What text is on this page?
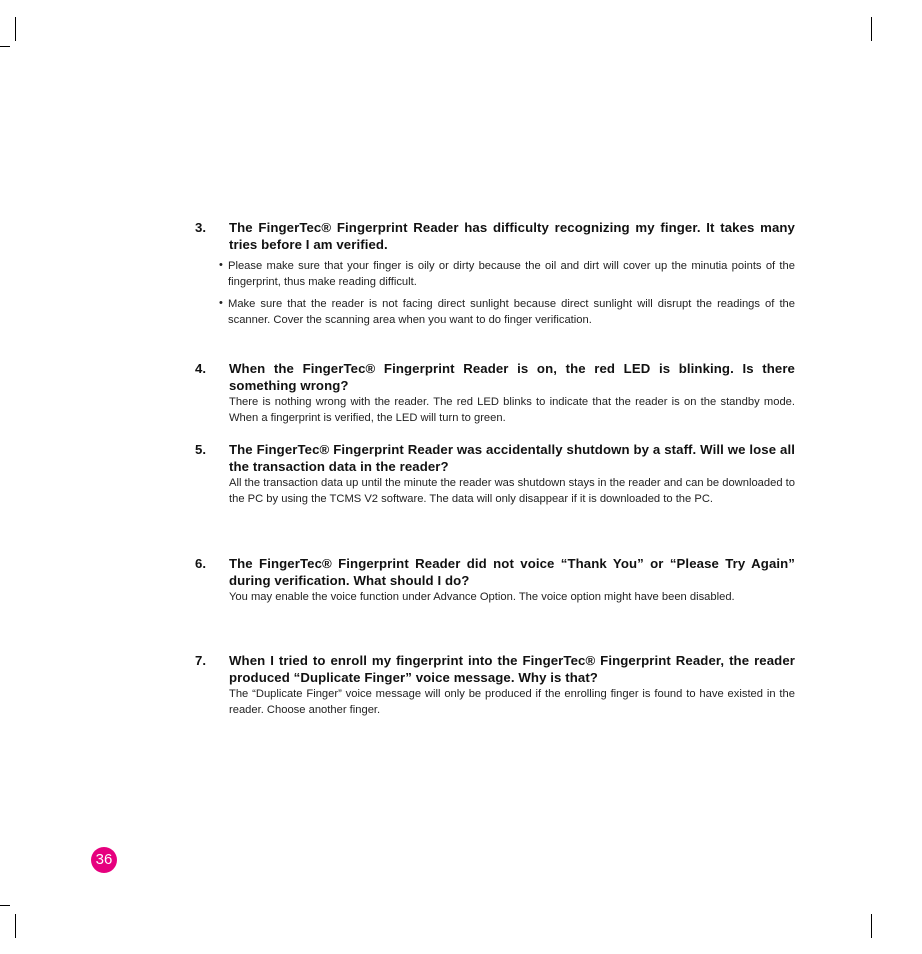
3.	The FingerTec® Fingerprint Reader has difficulty recognizing my finger. It takes many tries before I am verified.
• Please make sure that your finger is oily or dirty because the oil and dirt will cover up the minutia points of the fingerprint, thus make reading difficult.
• Make sure that the reader is not facing direct sunlight because direct sunlight will disrupt the readings of the scanner. Cover the scanning area when you want to do finger verification.
4.	When the FingerTec® Fingerprint Reader is on, the red LED is blinking. Is there something wrong?
There is nothing wrong with the reader. The red LED blinks to indicate that the reader is on the standby mode. When a fingerprint is verified, the LED will turn to green.
5.	The FingerTec® Fingerprint Reader was accidentally shutdown by a staff. Will we lose all the transaction data in the reader?
All the transaction data up until the minute the reader was shutdown stays in the reader and can be downloaded to the PC by using the TCMS V2 software. The data will only disappear if it is downloaded to the PC.
6.	The FingerTec® Fingerprint Reader did not voice “Thank You” or “Please Try Again” during verification. What should I do?
You may enable the voice function under Advance Option. The voice option might have been disabled.
7.	When I tried to enroll my fingerprint into the FingerTec® Fingerprint Reader, the reader produced “Duplicate Finger” voice message. Why is that?
The “Duplicate Finger” voice message will only be produced if the enrolling finger is found to have existed in the reader. Choose another finger.
36
